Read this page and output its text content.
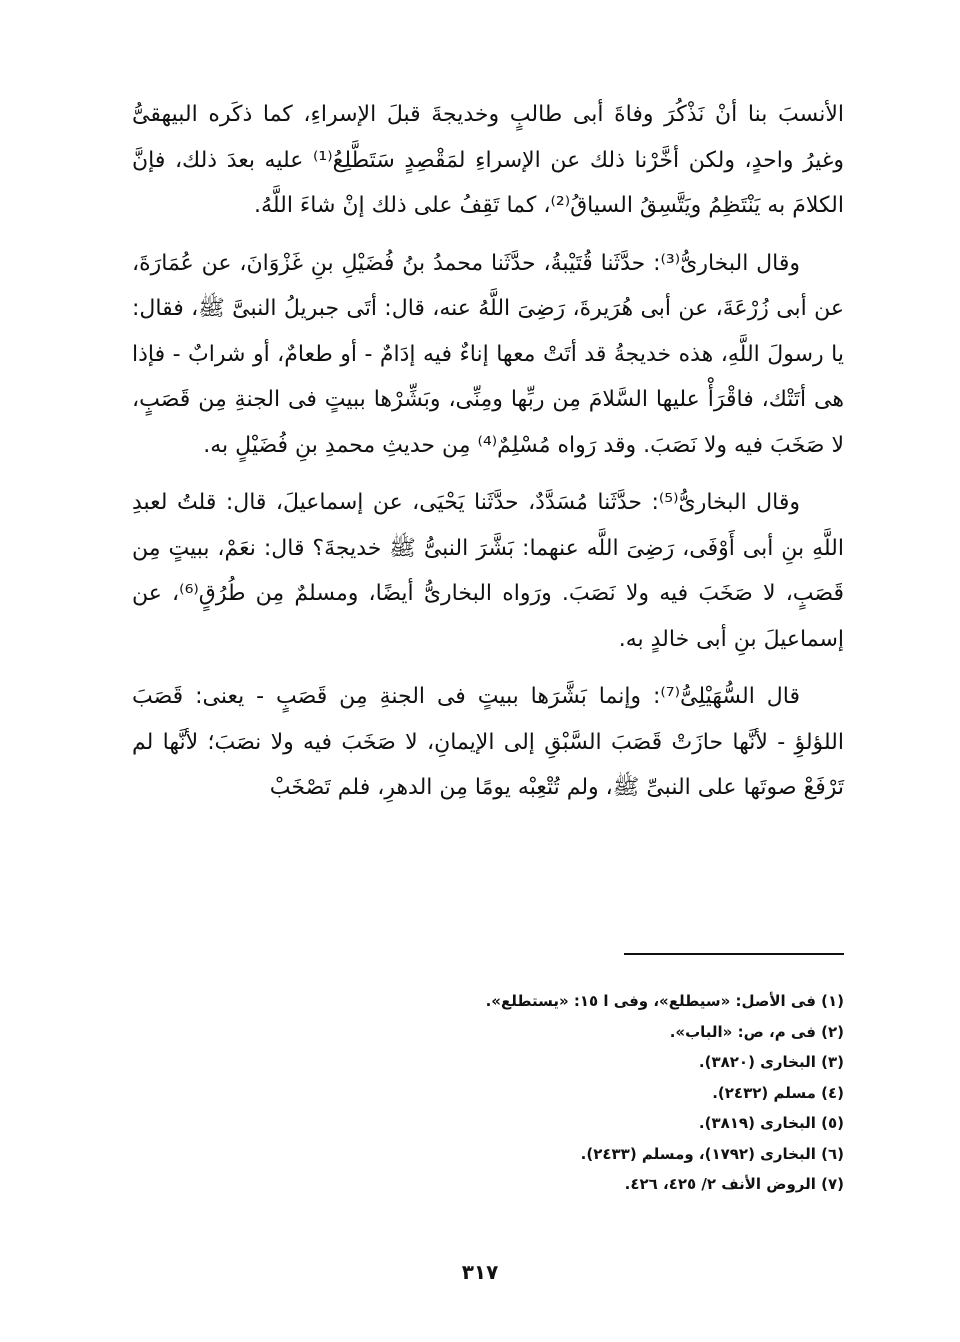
الأنسبَ بنا أنْ نَذْكُرَ وفاةَ أبى طالبٍ وخديجةَ قبلَ الإسراءِ، كما ذكَره البيهقىُّ وغيرُ واحدٍ، ولكن أخَّرْنا ذلك عن الإسراءِ لمَقْصِدٍ سَتَطَّلِعُ⁽¹⁾ عليه بعدَ ذلك، فإنَّ الكلامَ به يَنْتَظِمُ ويَتَّسِقُ السياقُ⁽²⁾، كما تَقِفُ على ذلك إنْ شاءَ اللَّهُ.

وقال البخارىُّ⁽³⁾: حدَّثَنا قُتَيْبةُ، حدَّثَنا محمدُ بنُ فُضَيْلِ بنِ غَزْوَانَ، عن عُمَارَةَ، عن أبى زُرْعَةَ، عن أبى هُرَيرةَ، رَضِىَ اللَّهُ عنه، قال: أتَى جبريلُ النبىَّ ﷺ، فقال: يا رسولَ اللَّهِ، هذه خديجةُ قد أتَتْ معها إناءٌ فيه إدَامٌ - أو طعامٌ، أو شرابٌ - فإذا هى أتَتْك، فاقْرَأْ عليها السَّلامَ مِن ربِّها ومِنِّى، وبَشِّرْها ببيتٍ فى الجنةِ مِن قَصَبٍ، لا صَخَبَ فيه ولا نَصَبَ. وقد رَواه مُسْلِمٌ⁽⁴⁾ مِن حديثِ محمدِ بنِ فُضَيْلٍ به.

وقال البخارىُّ⁽⁵⁾: حدَّثَنا مُسَدَّدٌ، حدَّثَنا يَحْيَى، عن إسماعيلَ، قال: قلتُ لعبدِ اللَّهِ بنِ أبى أَوْفَى، رَضِىَ اللَّه عنهما: بَشَّرَ النبىُّ ﷺ خديجةَ؟ قال: نعَمْ، ببيتٍ مِن قَصَبٍ، لا صَخَبَ فيه ولا نَصَبَ. ورَواه البخارىُّ أيضًا، ومسلمٌ مِن طُرُقٍ⁽⁶⁾، عن إسماعيلَ بنِ أبى خالدٍ به.

قال السُّهَيْلِىُّ⁽⁷⁾: وإنما بَشَّرَها ببيتٍ فى الجنةِ مِن قَصَبٍ - يعنى: قَصَبَ اللؤلؤِ - لأنَّها حازَتْ قَصَبَ السَّبْقِ إلى الإيمانِ، لا صَخَبَ فيه ولا نصَبَ؛ لأنَّها لم تَرْفَعْ صوتَها على النبىِّ ﷺ، ولم تُتْعِبْه يومًا مِن الدهرِ، فلم تَصْخَبْ

(١) فى الأصل: «سيطلع»، وفى ا ١٥: «يستطلع».

(٢) فى م، ص: «الباب».

(٣) البخارى (٣٨٢٠).

(٤) مسلم (٢٤٣٢).

(٥) البخارى (٣٨١٩).

(٦) البخارى (١٧٩٢)، ومسلم (٢٤٣٣).

(٧) الروض الأنف ٢/ ٤٢٥، ٤٢٦.

٣١٧
